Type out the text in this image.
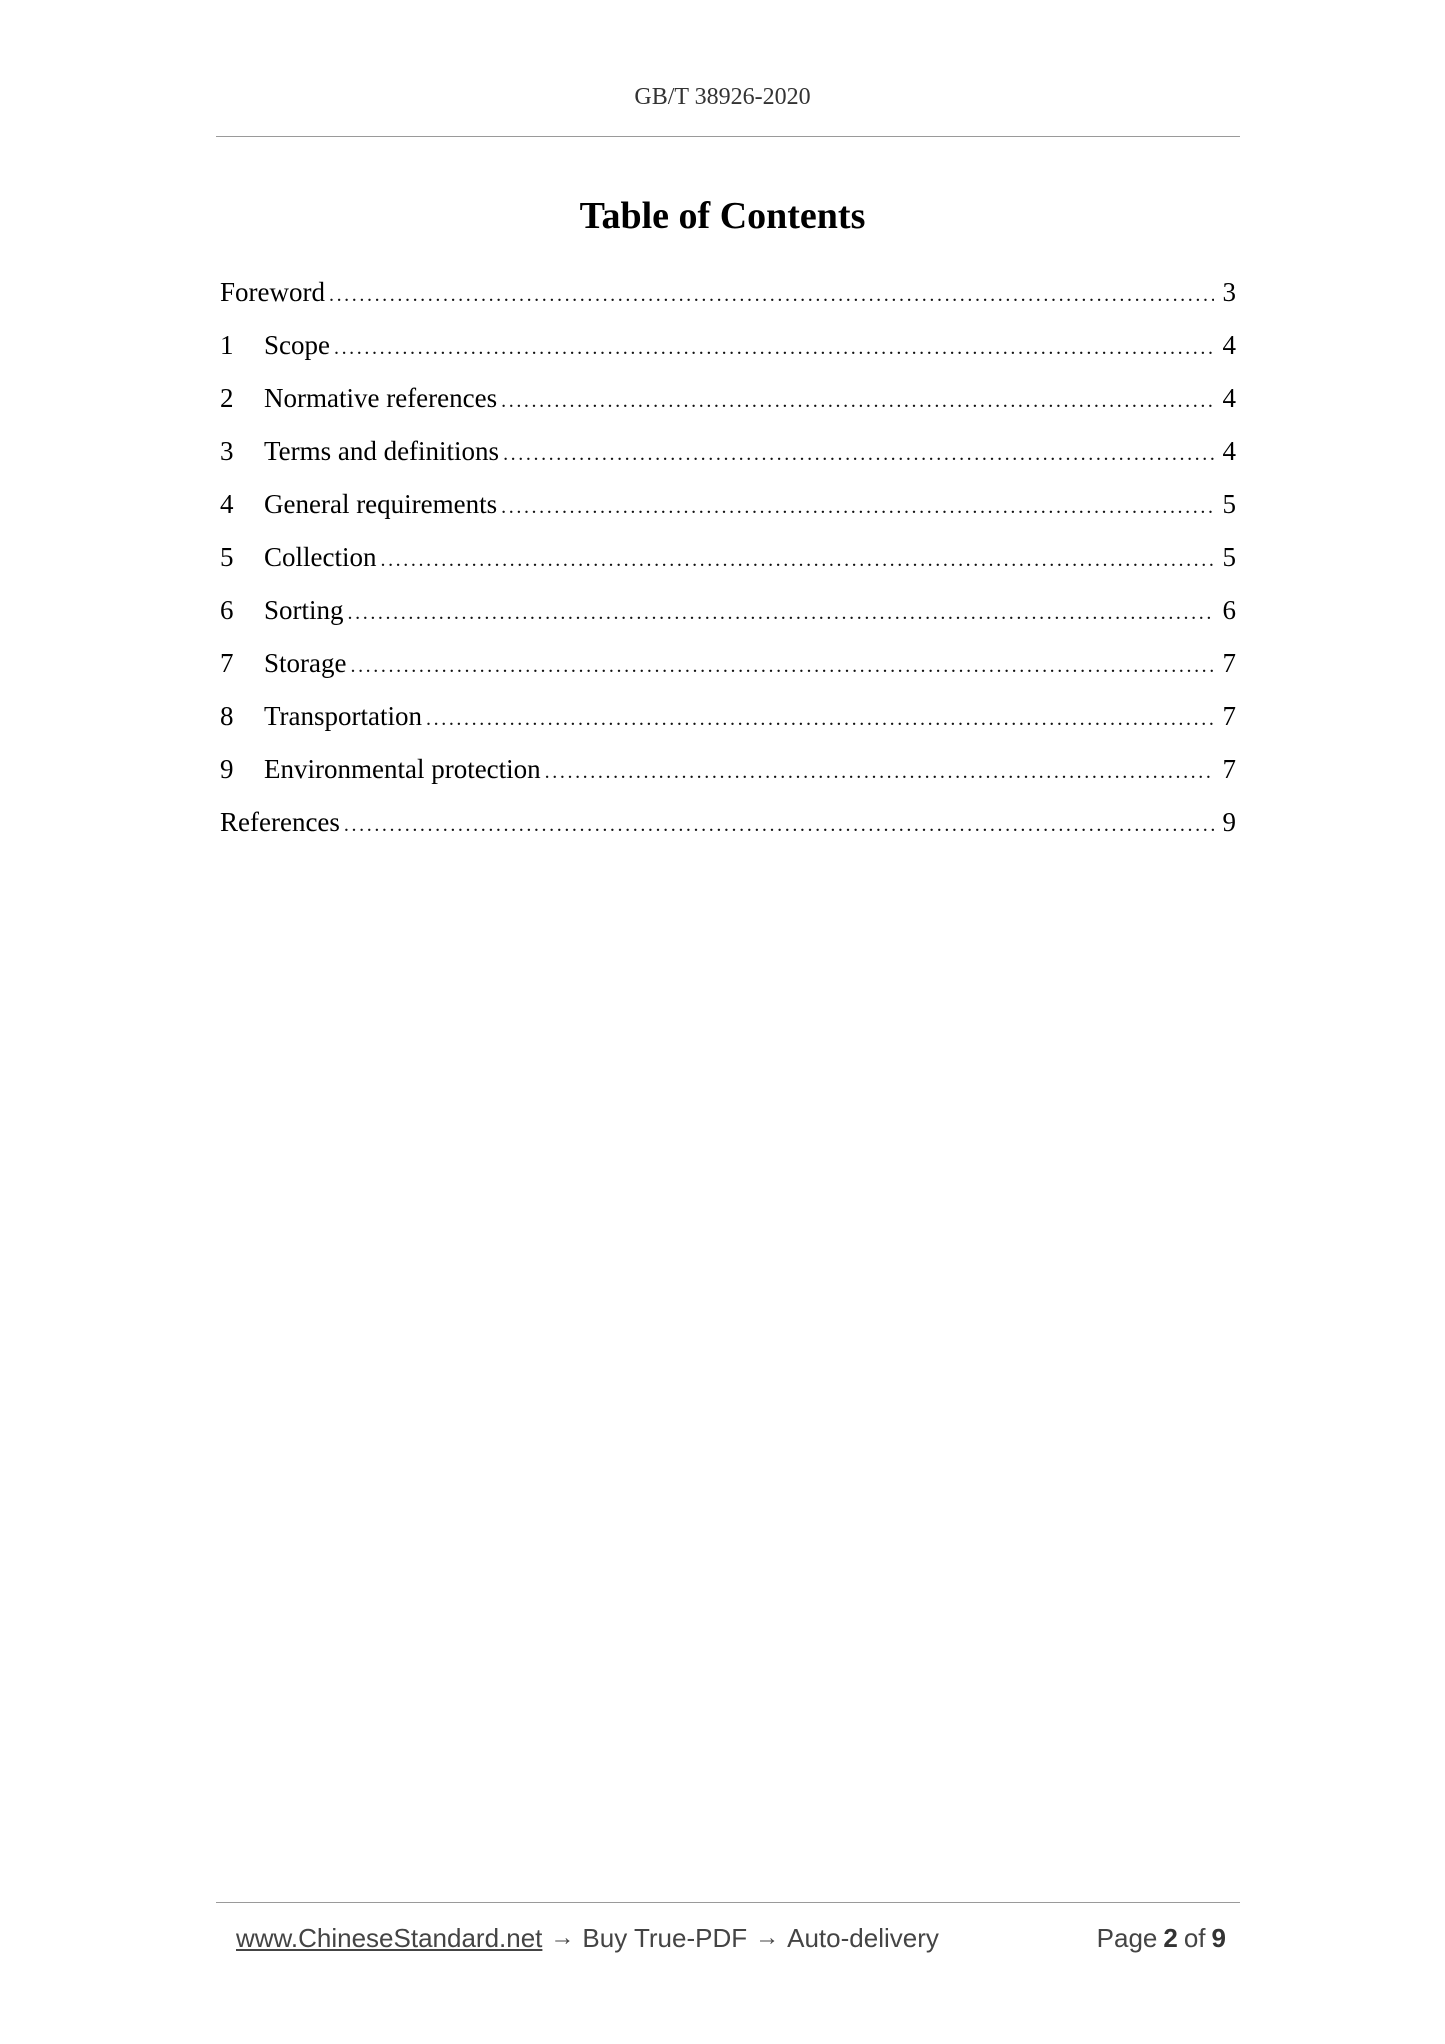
GB/T 38926-2020
Table of Contents
Foreword .....	3
1	Scope .....	4
2	Normative references .....	4
3	Terms and definitions .....	4
4	General requirements .....	5
5	Collection .....	5
6	Sorting .....	6
7	Storage .....	7
8	Transportation .....	7
9	Environmental protection .....	7
References .....	9
www.ChineseStandard.net → Buy True-PDF → Auto-delivery	Page 2 of 9
